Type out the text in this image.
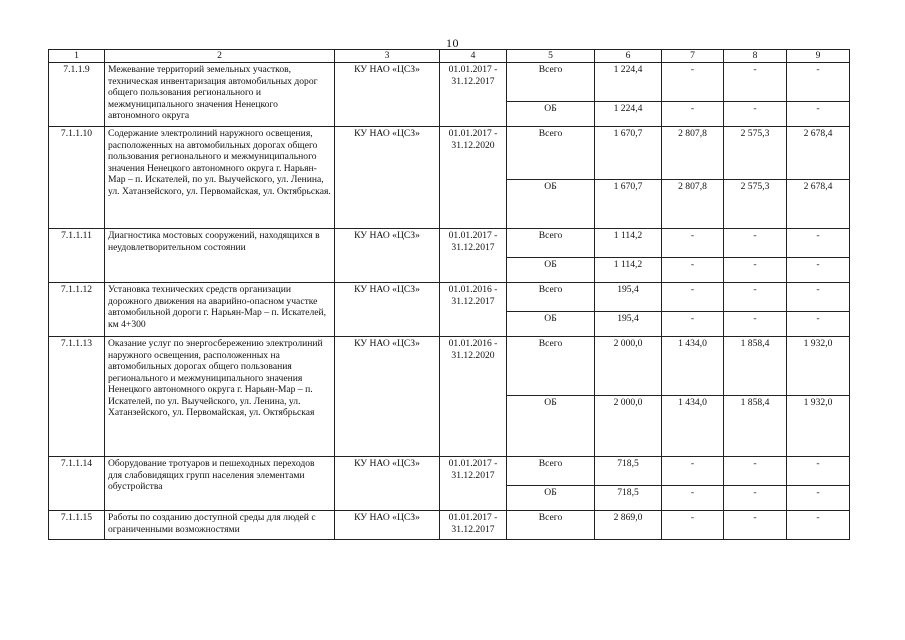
10
1	2	3	4	5	6	7	8	9
7.1.1.9	Межевание территорий земельных участков, техническая инвентаризация автомобильных дорог общего пользования регионального и межмуниципального значения Ненецкого автономного округа	КУ НАО «ЦСЗ»	01.01.2017 - 31.12.2017	Всего	1 224,4	-	-	-
				ОБ	1 224,4	-	-	-
7.1.1.10	Содержание электролиний наружного освещения, расположенных на автомобильных дорогах общего пользования регионального и межмуниципального значения Ненецкого автономного округа г. Нарьян-Мар – п. Искателей, по ул. Выучейского, ул. Ленина, ул. Хатанзейского, ул. Первомайская, ул. Октябрьская.	КУ НАО «ЦСЗ»	01.01.2017 - 31.12.2020	Всего	1 670,7	2 807,8	2 575,3	2 678,4
				ОБ	1 670,7	2 807,8	2 575,3	2 678,4
7.1.1.11	Диагностика мостовых сооружений, находящихся в неудовлетворительном состоянии	КУ НАО «ЦСЗ»	01.01.2017 - 31.12.2017	Всего	1 114,2	-	-	-
				ОБ	1 114,2	-	-	-
7.1.1.12	Установка технических средств организации дорожного движения на аварийно-опасном участке автомобильной дороги г. Нарьян-Мар – п. Искателей, км 4+300	КУ НАО «ЦСЗ»	01.01.2016 - 31.12.2017	Всего	195,4	-	-	-
				ОБ	195,4	-	-	-
7.1.1.13	Оказание услуг по энергосбережению электролиний наружного освещения, расположенных на автомобильных дорогах общего пользования регионального и межмуниципального значения Ненецкого автономного округа г. Нарьян-Мар – п. Искателей, по ул. Выучейского, ул. Ленина, ул. Хатанзейского, ул. Первомайская, ул. Октябрьская	КУ НАО «ЦСЗ»	01.01.2016 - 31.12.2020	Всего	2 000,0	1 434,0	1 858,4	1 932,0
				ОБ	2 000,0	1 434,0	1 858,4	1 932,0
7.1.1.14	Оборудование тротуаров и пешеходных переходов для слабовидящих групп населения элементами обустройства	КУ НАО «ЦСЗ»	01.01.2017 - 31.12.2017	Всего	718,5	-	-	-
				ОБ	718,5	-	-	-
7.1.1.15	Работы по созданию доступной среды для людей с ограниченными возможностями	КУ НАО «ЦСЗ»	01.01.2017 - 31.12.2017	Всего	2 869,0	-	-	-
